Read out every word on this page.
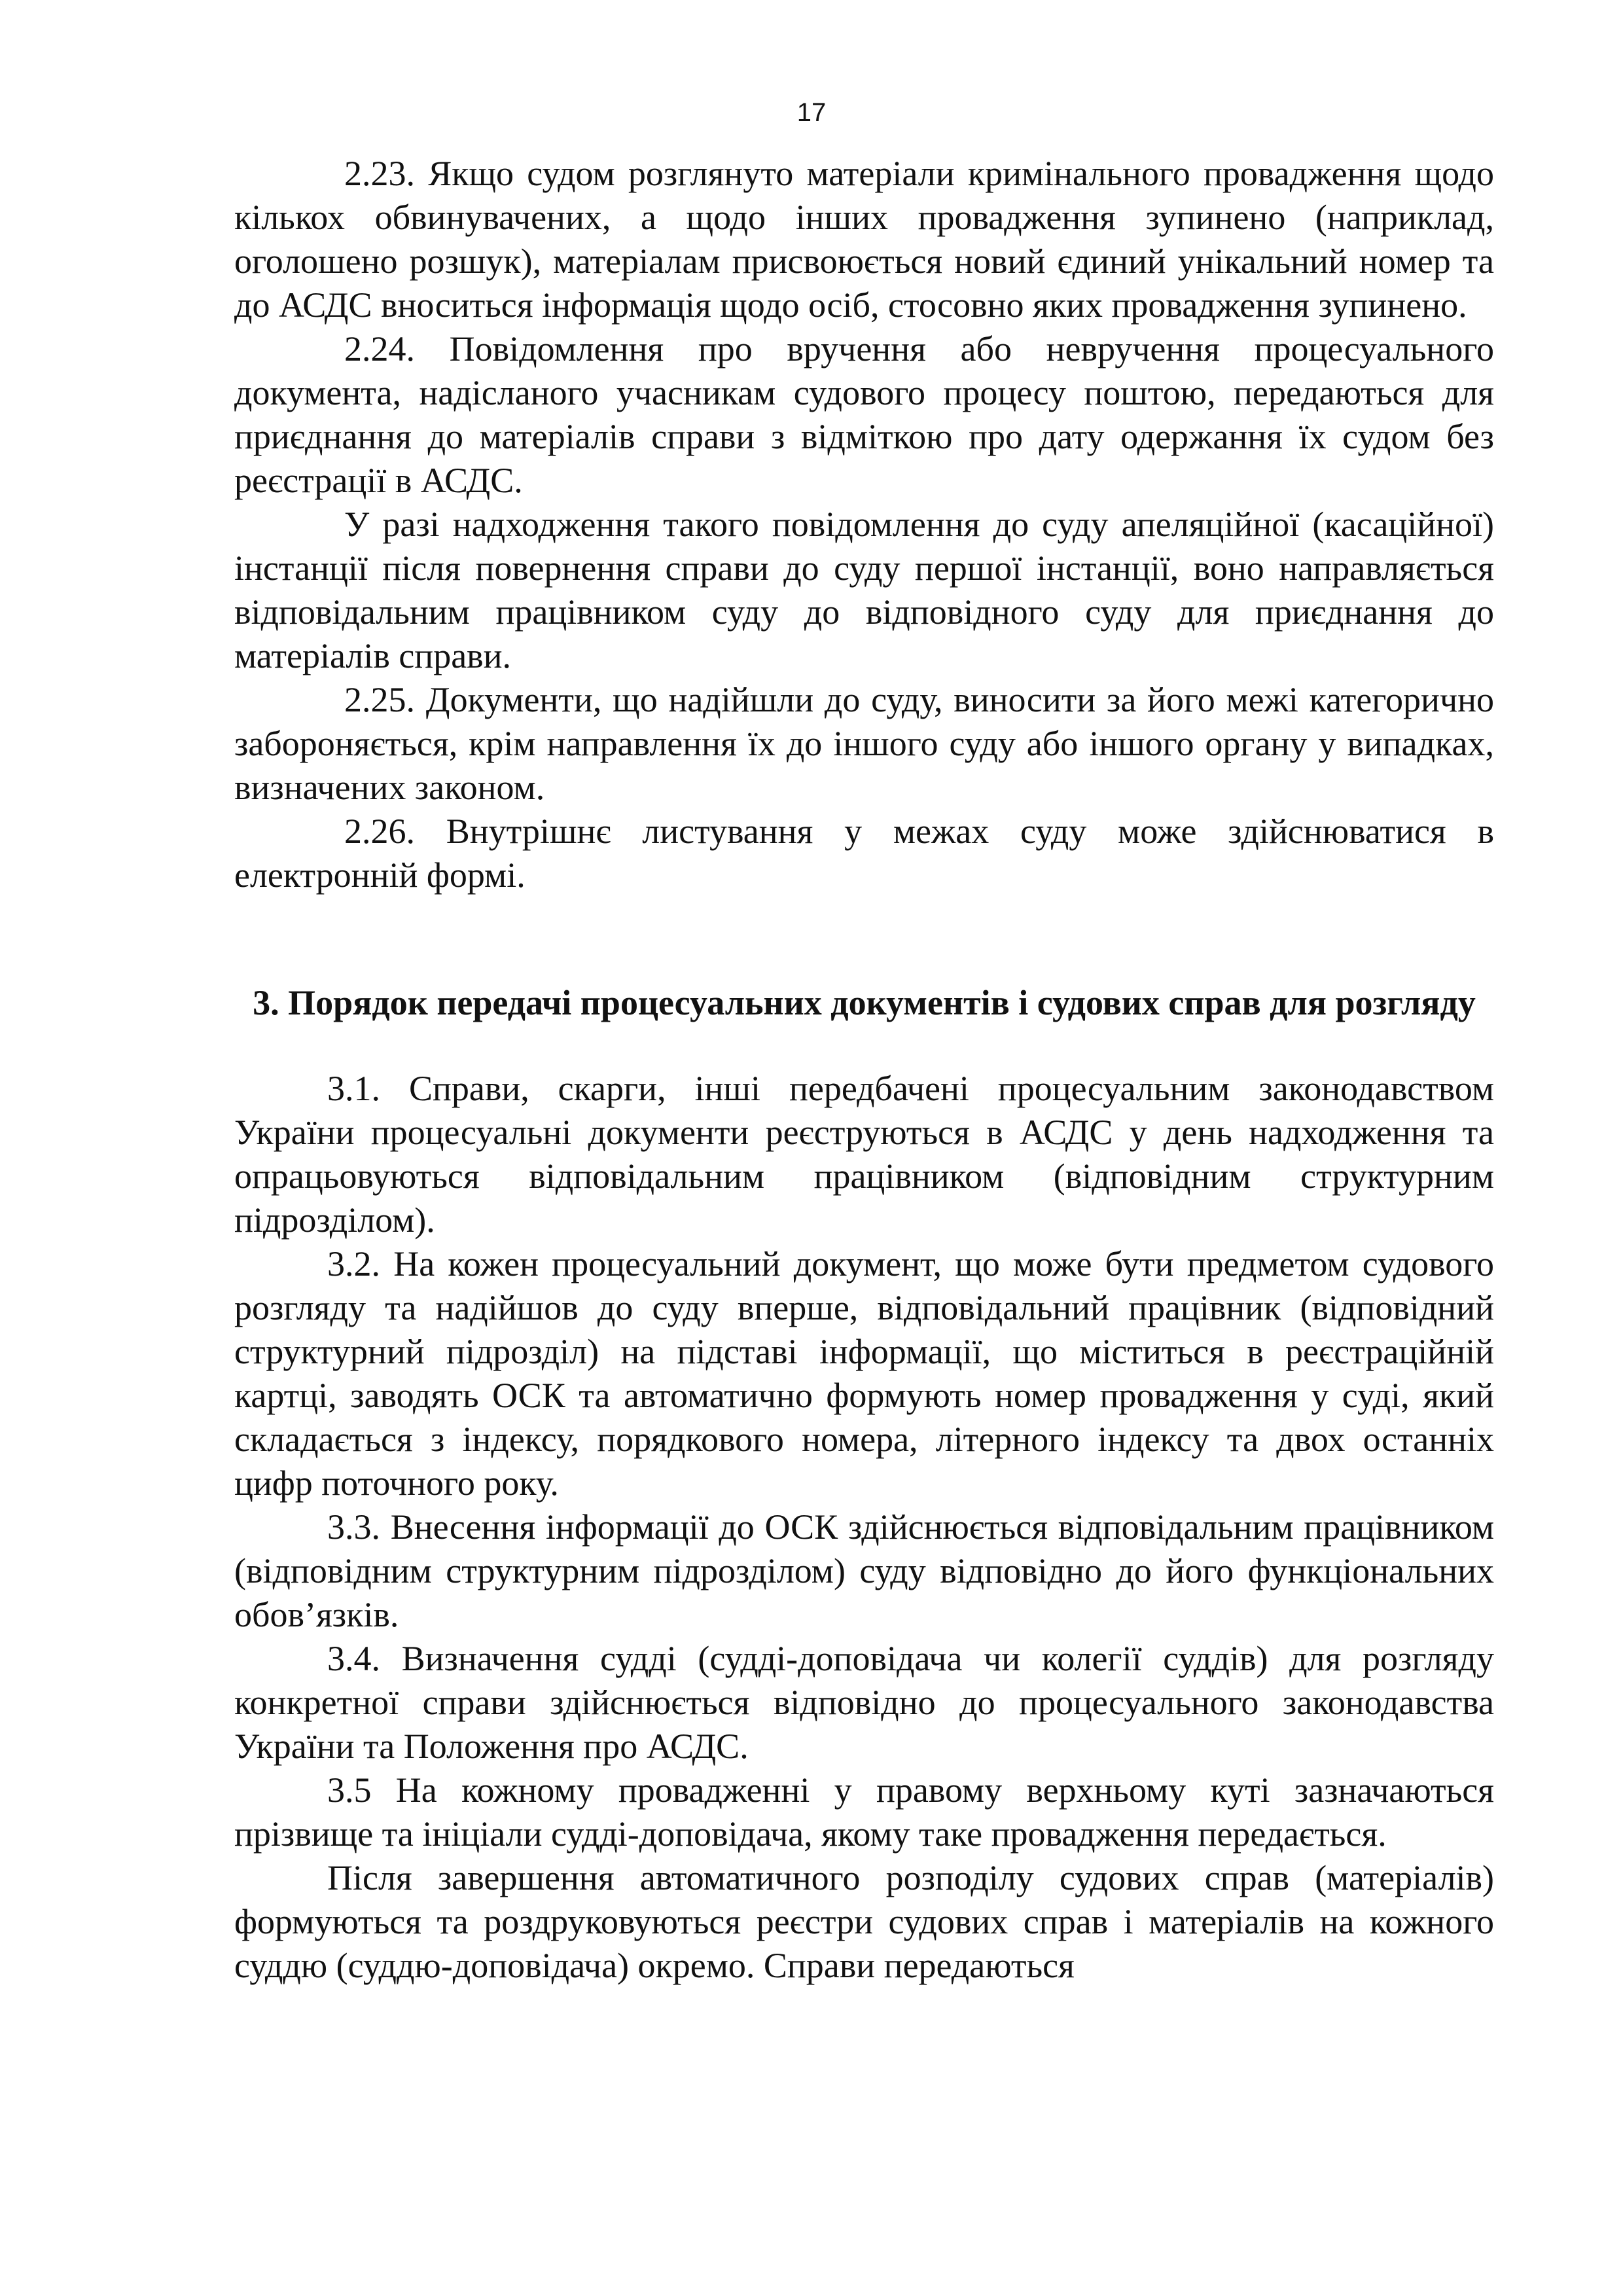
17

2.23. Якщо судом розглянуто матеріали кримінального провадження щодо кількох обвинувачених, а щодо інших провадження зупинено (наприклад, оголошено розшук), матеріалам присвоюється новий єдиний унікальний номер та до АСДС вноситься інформація щодо осіб, стосовно яких провадження зупинено.

2.24. Повідомлення про вручення або невручення процесуального документа, надісланого учасникам судового процесу поштою, передаються для приєднання до матеріалів справи з відміткою про дату одержання їх судом без реєстрації в АСДС.

У разі надходження такого повідомлення до суду апеляційної (касаційної) інстанції після повернення справи до суду першої інстанції, воно направляється відповідальним працівником суду до відповідного суду для приєднання до матеріалів справи.

2.25. Документи, що надійшли до суду, виносити за його межі категорично забороняється, крім направлення їх до іншого суду або іншого органу у випадках, визначених законом.

2.26. Внутрішнє листування у межах суду може здійснюватися в електронній формі.

3. Порядок передачі процесуальних документів і судових справ для розгляду

3.1. Справи, скарги, інші передбачені процесуальним законодавством України процесуальні документи реєструються в АСДС у день надходження та опрацьовуються відповідальним працівником (відповідним структурним підрозділом).

3.2. На кожен процесуальний документ, що може бути предметом судового розгляду та надійшов до суду вперше, відповідальний працівник (відповідний структурний підрозділ) на підставі інформації, що міститься в реєстраційній картці, заводять ОСК та автоматично формують номер провадження у суді, який складається з індексу, порядкового номера, літерного індексу та двох останніх цифр поточного року.

3.3. Внесення інформації до ОСК здійснюється відповідальним працівником (відповідним структурним підрозділом) суду відповідно до його функціональних обов’язків.

3.4. Визначення судді (судді-доповідача чи колегії суддів) для розгляду конкретної справи здійснюється відповідно до процесуального законодавства України та Положення про АСДС.

3.5 На кожному провадженні у правому верхньому куті зазначаються прізвище та ініціали судді-доповідача, якому таке провадження передається.

Після завершення автоматичного розподілу судових справ (матеріалів) формуються та роздруковуються реєстри судових справ і матеріалів на кожного суддю (суддю-доповідача) окремо. Справи передаються
